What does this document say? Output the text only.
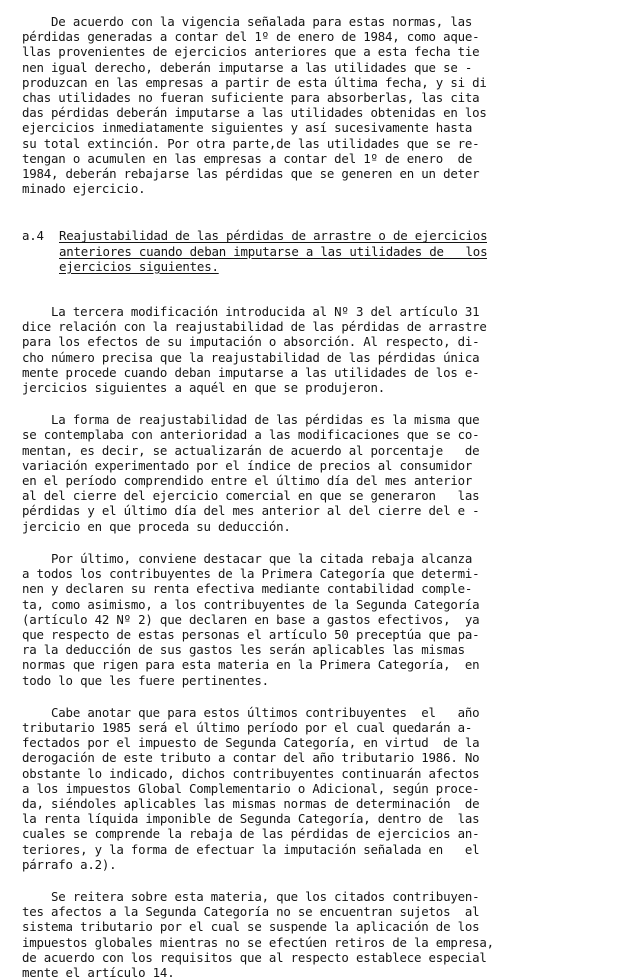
De acuerdo con la vigencia señalada para estas normas, las
pérdidas generadas a contar del 1º de enero de 1984, como aque-
llas provenientes de ejercicios anteriores que a esta fecha tie
nen igual derecho, deberán imputarse a las utilidades que se -
produzcan en las empresas a partir de esta última fecha, y si di
chas utilidades no fueran suficiente para absorberlas, las cita
das pérdidas deberán imputarse a las utilidades obtenidas en los
ejercicios inmediatamente siguientes y así sucesivamente hasta
su total extinción. Por otra parte,de las utilidades que se re-
tengan o acumulen en las empresas a contar del 1º de enero  de
1984, deberán rebajarse las pérdidas que se generen en un deter
minado ejercicio.
a.4	Reajustabilidad de las pérdidas de arrastre o de ejercicios
anteriores cuando deban imputarse a las utilidades de   los
ejercicios siguientes.
La tercera modificación introducida al Nº 3 del artículo 31
dice relación con la reajustabilidad de las pérdidas de arrastre
para los efectos de su imputación o absorción. Al respecto, di-
cho número precisa que la reajustabilidad de las pérdidas única
mente procede cuando deban imputarse a las utilidades de los e-
jercicios siguientes a aquél en que se produjeron.
La forma de reajustabilidad de las pérdidas es la misma que
se contemplaba con anterioridad a las modificaciones que se co-
mentan, es decir, se actualizarán de acuerdo al porcentaje   de
variación experimentado por el índice de precios al consumidor
en el período comprendido entre el último día del mes anterior
al del cierre del ejercicio comercial en que se generaron   las
pérdidas y el último día del mes anterior al del cierre del e -
jercicio en que proceda su deducción.
Por último, conviene destacar que la citada rebaja alcanza
a todos los contribuyentes de la Primera Categoría que determi-
nen y declaren su renta efectiva mediante contabilidad comple-
ta, como asimismo, a los contribuyentes de la Segunda Categoría
(artículo 42 Nº 2) que declaren en base a gastos efectivos,  ya
que respecto de estas personas el artículo 50 preceptúa que pa-
ra la deducción de sus gastos les serán aplicables las mismas
normas que rigen para esta materia en la Primera Categoría,  en
todo lo que les fuere pertinentes.
Cabe anotar que para estos últimos contribuyentes  el   año
tributario 1985 será el último período por el cual quedarán a-
fectados por el impuesto de Segunda Categoría, en virtud  de la
derogación de este tributo a contar del año tributario 1986. No
obstante lo indicado, dichos contribuyentes continuarán afectos
a los impuestos Global Complementario o Adicional, según proce-
da, siéndoles aplicables las mismas normas de determinación  de
la renta líquida imponible de Segunda Categoría, dentro de  las
cuales se comprende la rebaja de las pérdidas de ejercicios an-
teriores, y la forma de efectuar la imputación señalada en   el
párrafo a.2).
Se reitera sobre esta materia, que los citados contribuyen-
tes afectos a la Segunda Categoría no se encuentran sujetos  al
sistema tributario por el cual se suspende la aplicación de los
impuestos globales mientras no se efectúen retiros de la empresa,
de acuerdo con los requisitos que al respecto establece especial
mente el artículo 14.
